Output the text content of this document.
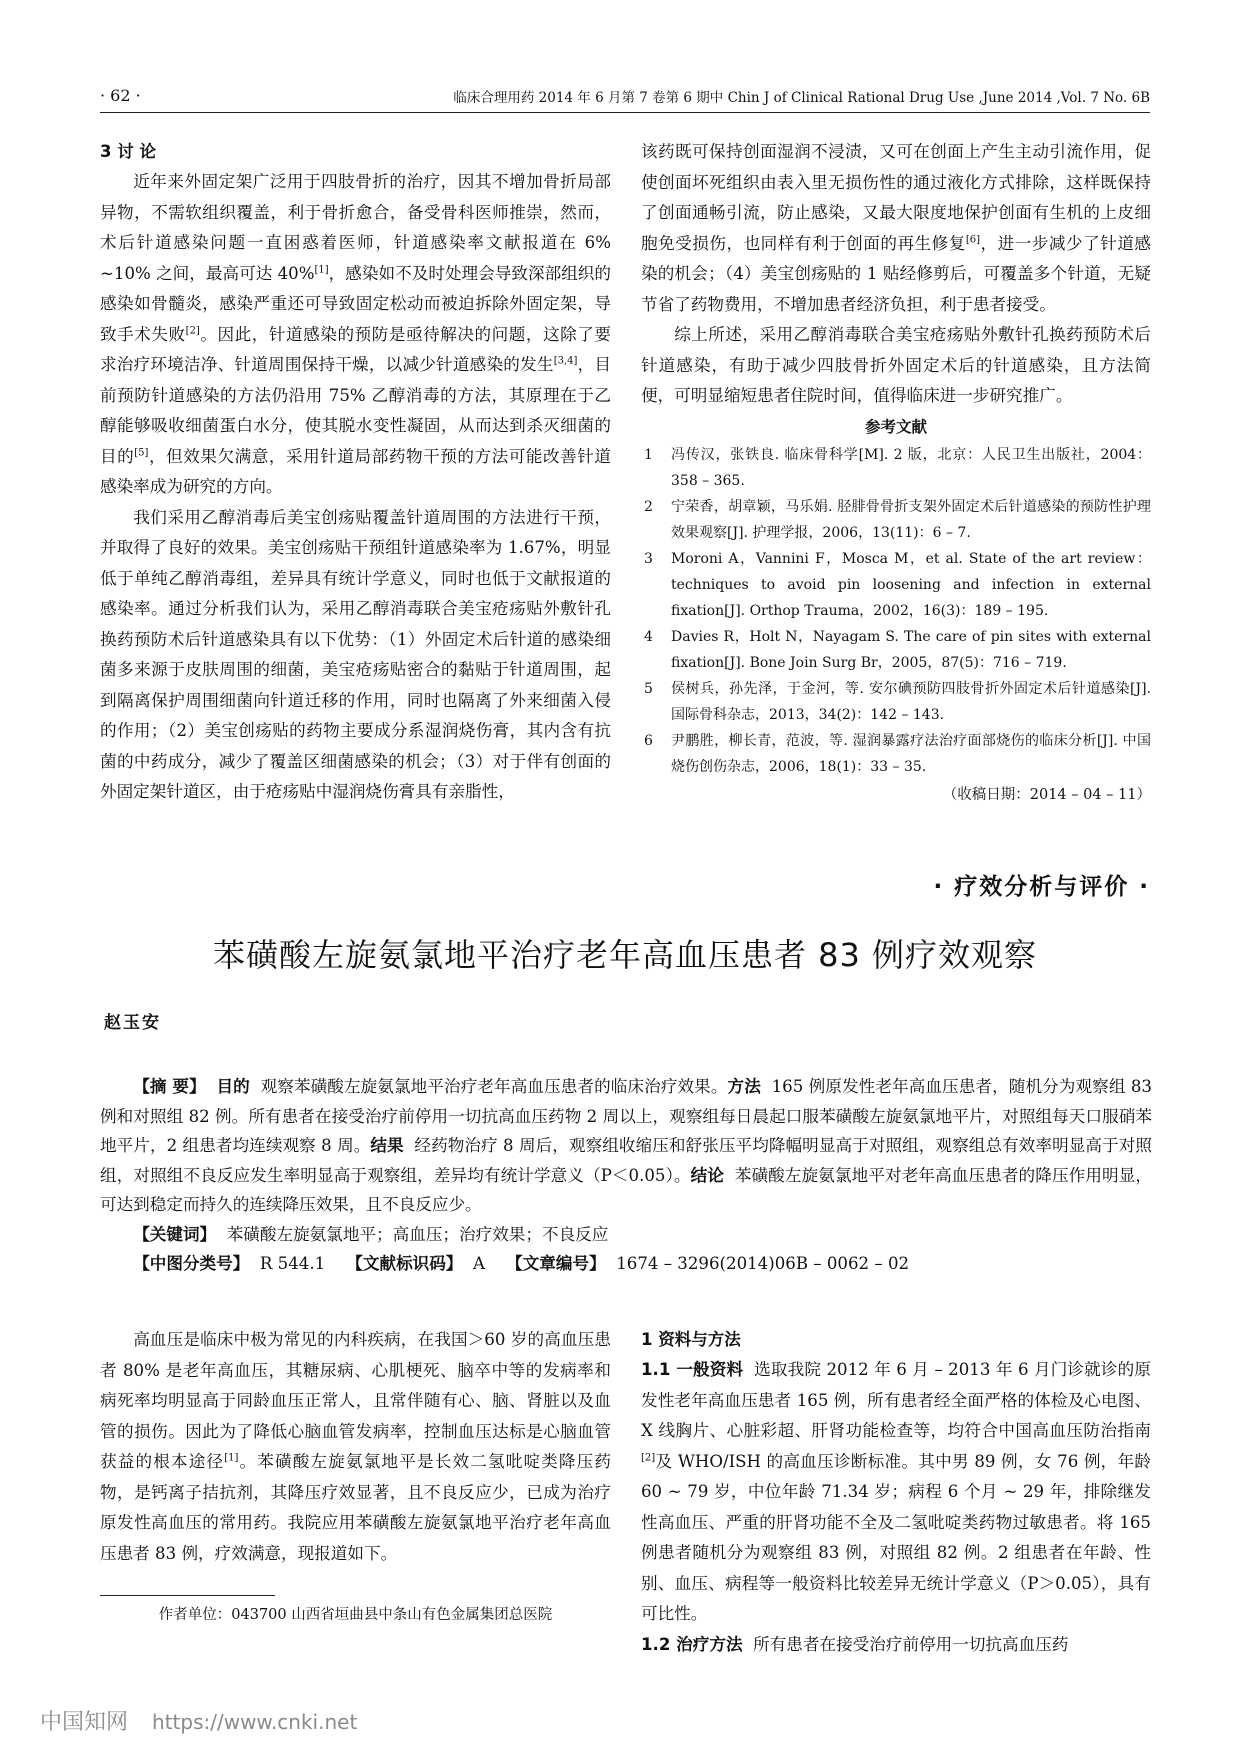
· 62 ·	临床合理用药 2014 年 6 月第 7 卷第 6 期中 Chin J of Clinical Rational Drug Use ,June 2014 ,Vol. 7 No. 6B

3 讨 论

近年来外固定架广泛用于四肢骨折的治疗，因其不增加骨折局部异物，不需软组织覆盖，利于骨折愈合，备受骨科医师推崇，然而，术后针道感染问题一直困惑着医师，针道感染率文献报道在 6% ~10% 之间，最高可达 40%[1]，感染如不及时处理会导致深部组织的感染如骨髓炎，感染严重还可导致固定松动而被迫拆除外固定架，导致手术失败[2]。因此，针道感染的预防是亟待解决的问题，这除了要求治疗环境洁净、针道周围保持干燥，以减少针道感染的发生[3,4]，目前预防针道感染的方法仍沿用 75% 乙醇消毒的方法，其原理在于乙醇能够吸收细菌蛋白水分，使其脱水变性凝固，从而达到杀灭细菌的目的[5]，但效果欠满意，采用针道局部药物干预的方法可能改善针道感染率成为研究的方向。

我们采用乙醇消毒后美宝创疡贴覆盖针道周围的方法进行干预，并取得了良好的效果。美宝创疡贴干预组针道感染率为 1.67%，明显低于单纯乙醇消毒组，差异具有统计学意义，同时也低于文献报道的感染率。通过分析我们认为，采用乙醇消毒联合美宝疮疡贴外敷针孔换药预防术后针道感染具有以下优势：（1）外固定术后针道的感染细菌多来源于皮肤周围的细菌，美宝疮疡贴密合的黏贴于针道周围，起到隔离保护周围细菌向针道迁移的作用，同时也隔离了外来细菌入侵的作用；（2）美宝创疡贴的药物主要成分系湿润烧伤膏，其内含有抗菌的中药成分，减少了覆盖区细菌感染的机会；（3）对于伴有创面的外固定架针道区，由于疮疡贴中湿润烧伤膏具有亲脂性，

该药既可保持创面湿润不浸渍，又可在创面上产生主动引流作用，促使创面坏死组织由表入里无损伤性的通过液化方式排除，这样既保持了创面通畅引流，防止感染，又最大限度地保护创面有生机的上皮细胞免受损伤，也同样有利于创面的再生修复[6]，进一步减少了针道感染的机会；（4）美宝创疡贴的 1 贴经修剪后，可覆盖多个针道，无疑节省了药物费用，不增加患者经济负担，利于患者接受。

综上所述，采用乙醇消毒联合美宝疮疡贴外敷针孔换药预防术后针道感染，有助于减少四肢骨折外固定术后的针道感染，且方法简便，可明显缩短患者住院时间，值得临床进一步研究推广。

参考文献

1 冯传汉，张铁良. 临床骨科学[M]. 2 版，北京：人民卫生出版社，2004：358 – 365.

2 宁荣香，胡章颖，马乐娟. 胫腓骨骨折支架外固定术后针道感染的预防性护理效果观察[J]. 护理学报，2006，13(11)：6 – 7.

3 Moroni A，Vannini F，Mosca M，et al. State of the art review：techniques to avoid pin loosening and infection in external fixation[J]. Orthop Trauma，2002，16(3)：189 – 195.

4 Davies R，Holt N，Nayagam S. The care of pin sites with external fixation[J]. Bone Join Surg Br，2005，87(5)：716 – 719.

5 侯树兵，孙先泽，于金河，等. 安尔碘预防四肢骨折外固定术后针道感染[J]. 国际骨科杂志，2013，34(2)：142 – 143.

6 尹鹏胜，柳长青，范波，等. 湿润暴露疗法治疗面部烧伤的临床分析[J]. 中国烧伤创伤杂志，2006，18(1)：33 – 35.

（收稿日期：2014 – 04 – 11）

· 疗效分析与评价 ·
苯磺酸左旋氨氯地平治疗老年高血压患者 83 例疗效观察
赵玉安

【摘 要】 目的 观察苯磺酸左旋氨氯地平治疗老年高血压患者的临床治疗效果。方法 165 例原发性老年高血压患者，随机分为观察组 83 例和对照组 82 例。所有患者在接受治疗前停用一切抗高血压药物 2 周以上，观察组每日晨起口服苯磺酸左旋氨氯地平片，对照组每天口服硝苯地平片，2 组患者均连续观察 8 周。结果 经药物治疗 8 周后，观察组收缩压和舒张压平均降幅明显高于对照组，观察组总有效率明显高于对照组，对照组不良反应发生率明显高于观察组，差异均有统计学意义（P＜0.05）。结论 苯磺酸左旋氨氯地平对老年高血压患者的降压作用明显，可达到稳定而持久的连续降压效果，且不良反应少。

【关键词】 苯磺酸左旋氨氯地平；高血压；治疗效果；不良反应

【中图分类号】 R 544.1 【文献标识码】 A 【文章编号】 1674 – 3296(2014)06B – 0062 – 02

高血压是临床中极为常见的内科疾病，在我国＞60 岁的高血压患者 80% 是老年高血压，其糖尿病、心肌梗死、脑卒中等的发病率和病死率均明显高于同龄血压正常人，且常伴随有心、脑、肾脏以及血管的损伤。因此为了降低心脑血管发病率，控制血压达标是心脑血管获益的根本途径[1]。苯磺酸左旋氨氯地平是长效二氢吡啶类降压药物，是钙离子拮抗剂，其降压疗效显著，且不良反应少，已成为治疗原发性高血压的常用药。我院应用苯磺酸左旋氨氯地平治疗老年高血压患者 83 例，疗效满意，现报道如下。

作者单位：043700 山西省垣曲县中条山有色金属集团总医院

1 资料与方法

1.1 一般资料 选取我院 2012 年 6 月 – 2013 年 6 月门诊就诊的原发性老年高血压患者 165 例，所有患者经全面严格的体检及心电图、X 线胸片、心脏彩超、肝肾功能检查等，均符合中国高血压防治指南[2]及 WHO/ISH 的高血压诊断标准。其中男 89 例，女 76 例，年龄 60 ~ 79 岁，中位年龄 71.34 岁；病程 6 个月 ~ 29 年，排除继发性高血压、严重的肝肾功能不全及二氢吡啶类药物过敏患者。将 165 例患者随机分为观察组 83 例，对照组 82 例。2 组患者在年龄、性别、血压、病程等一般资料比较差异无统计学意义（P＞0.05），具有可比性。

1.2 治疗方法 所有患者在接受治疗前停用一切抗高血压药

中国知网 https://www.cnki.net
